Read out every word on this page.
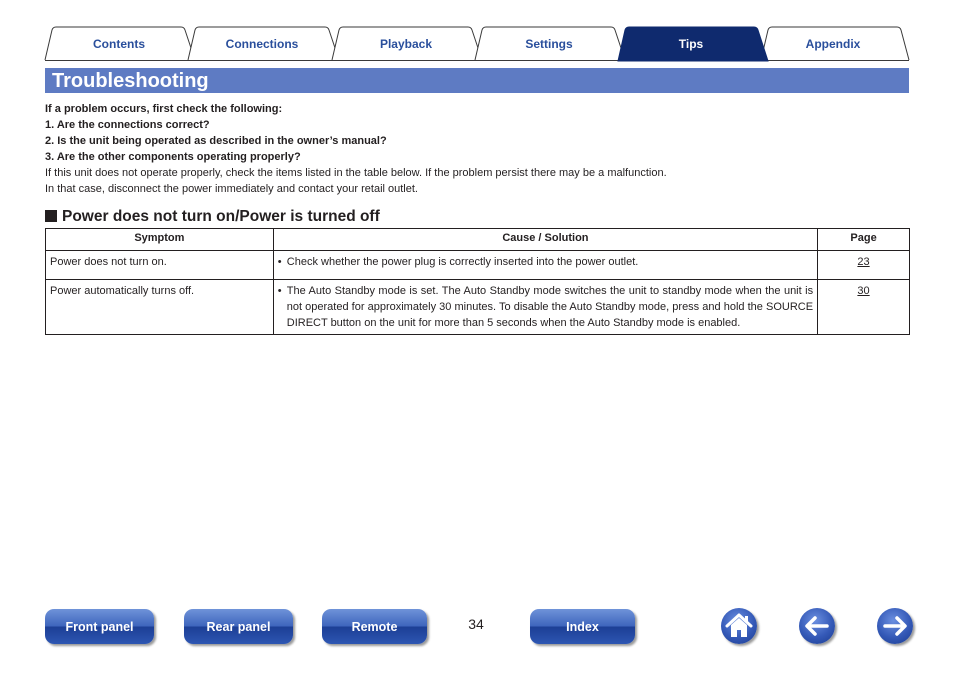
Contents	Connections	Playback	Settings	Tips	Appendix
Troubleshooting

If a problem occurs, first check the following:

1. Are the connections correct?

2. Is the unit being operated as described in the owner’s manual?

3. Are the other components operating properly?

If this unit does not operate properly, check the items listed in the table below. If the problem persist there may be a malfunction.

In that case, disconnect the power immediately and contact your retail outlet.

Power does not turn on/Power is turned off
Symptom	Cause / Solution	Page
Power does not turn on.	• Check whether the power plug is correctly inserted into the power outlet.	23
Power automatically turns off.	• The Auto Standby mode is set. The Auto Standby mode switches the unit to standby mode when the unit is not operated for approximately 30 minutes. To disable the Auto Standby mode, press and hold the SOURCE DIRECT button on the unit for more than 5 seconds when the Auto Standby mode is enabled.	30
Front panel	Rear panel	Remote	34	Index
